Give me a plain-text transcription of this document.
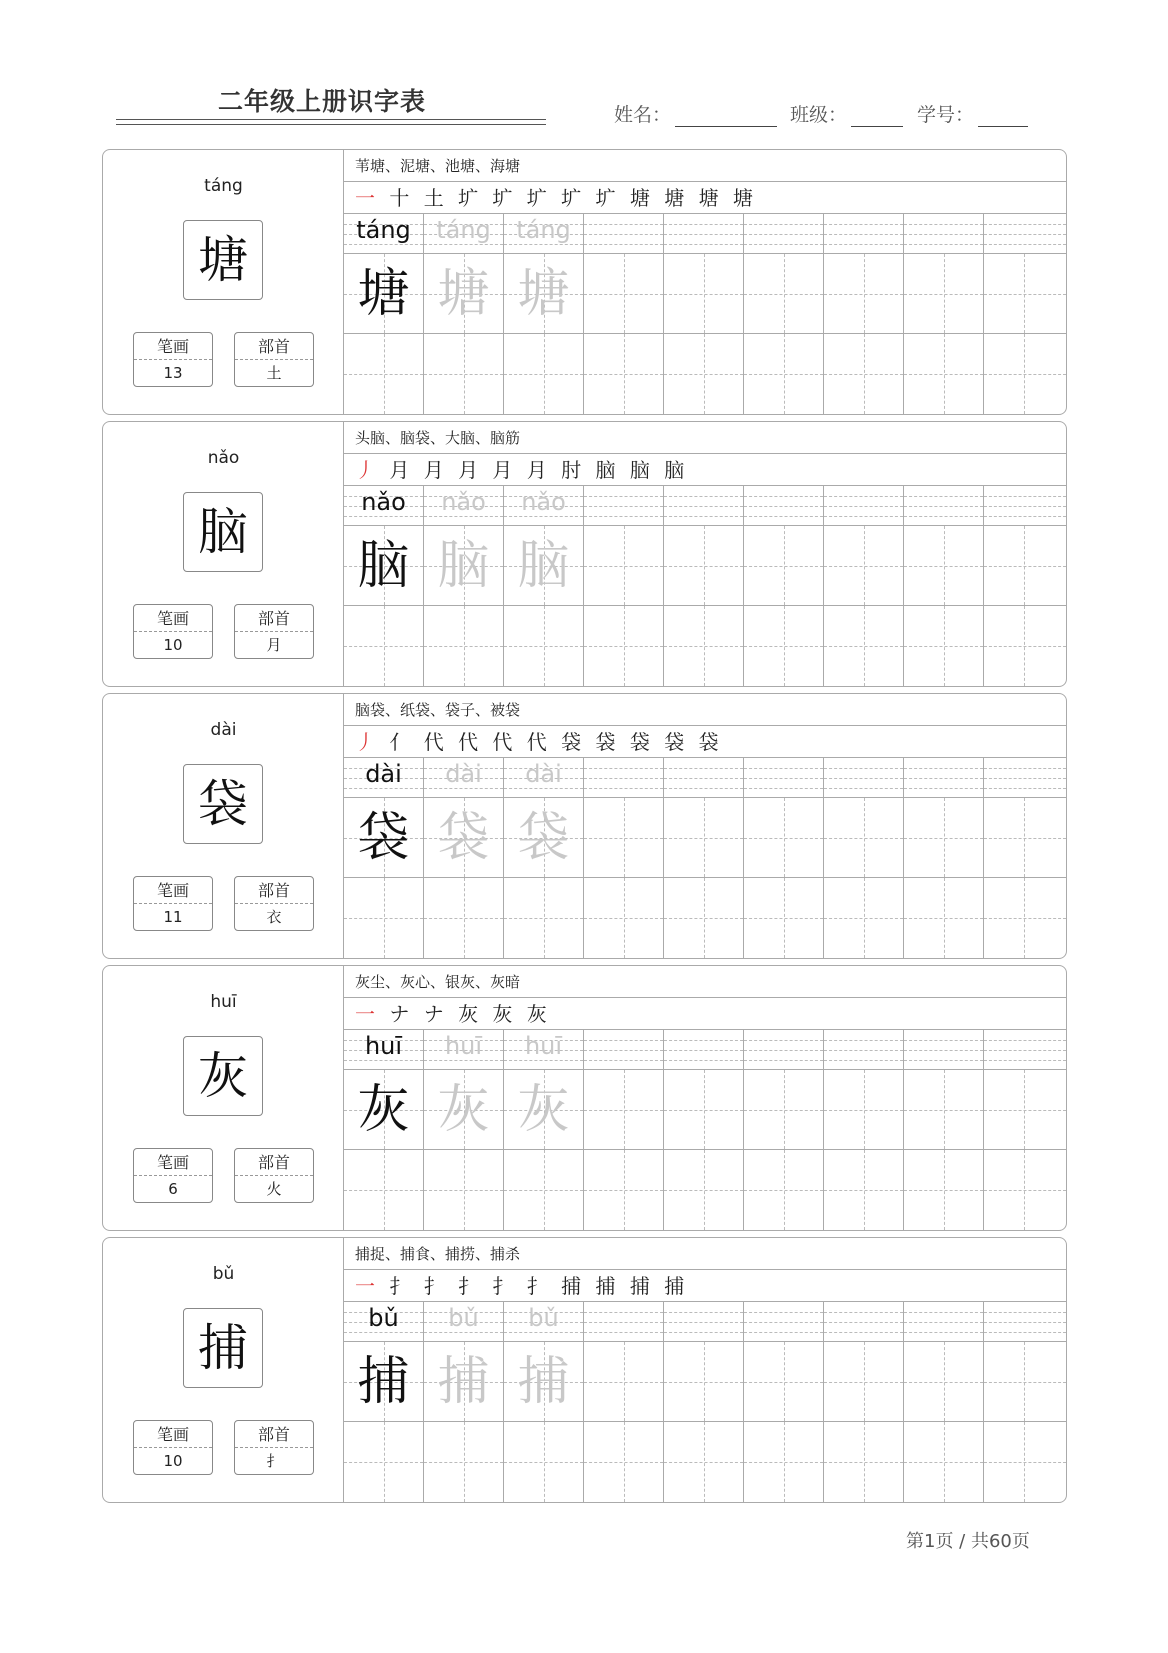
二年级上册识字表	姓名：	班级：	学号：
táng
塘
笔画
13
部首
土
苇塘、泥塘、池塘、海塘
一 十 土 圹 圹 圹 圹 圹 塘 塘 塘 塘
táng
塘
táng
塘
táng
塘
nǎo
脑
笔画
10
部首
月
头脑、脑袋、大脑、脑筋
丿 月 月 月 月 月 肘 脑 脑 脑
nǎo
脑
nǎo
脑
nǎo
脑
dài
袋
笔画
11
部首
衣
脑袋、纸袋、袋子、被袋
丿 亻 代 代 代 代 袋 袋 袋 袋 袋
dài
袋
dài
袋
dài
袋
huī
灰
笔画
6
部首
火
灰尘、灰心、银灰、灰暗
一 ナ ナ 灰 灰 灰
huī
灰
huī
灰
huī
灰
bǔ
捕
笔画
10
部首
扌
捕捉、捕食、捕捞、捕杀
一 扌 扌 扌 扌 扌 捕 捕 捕 捕
bǔ
捕
bǔ
捕
bǔ
捕
第1页 / 共60页
